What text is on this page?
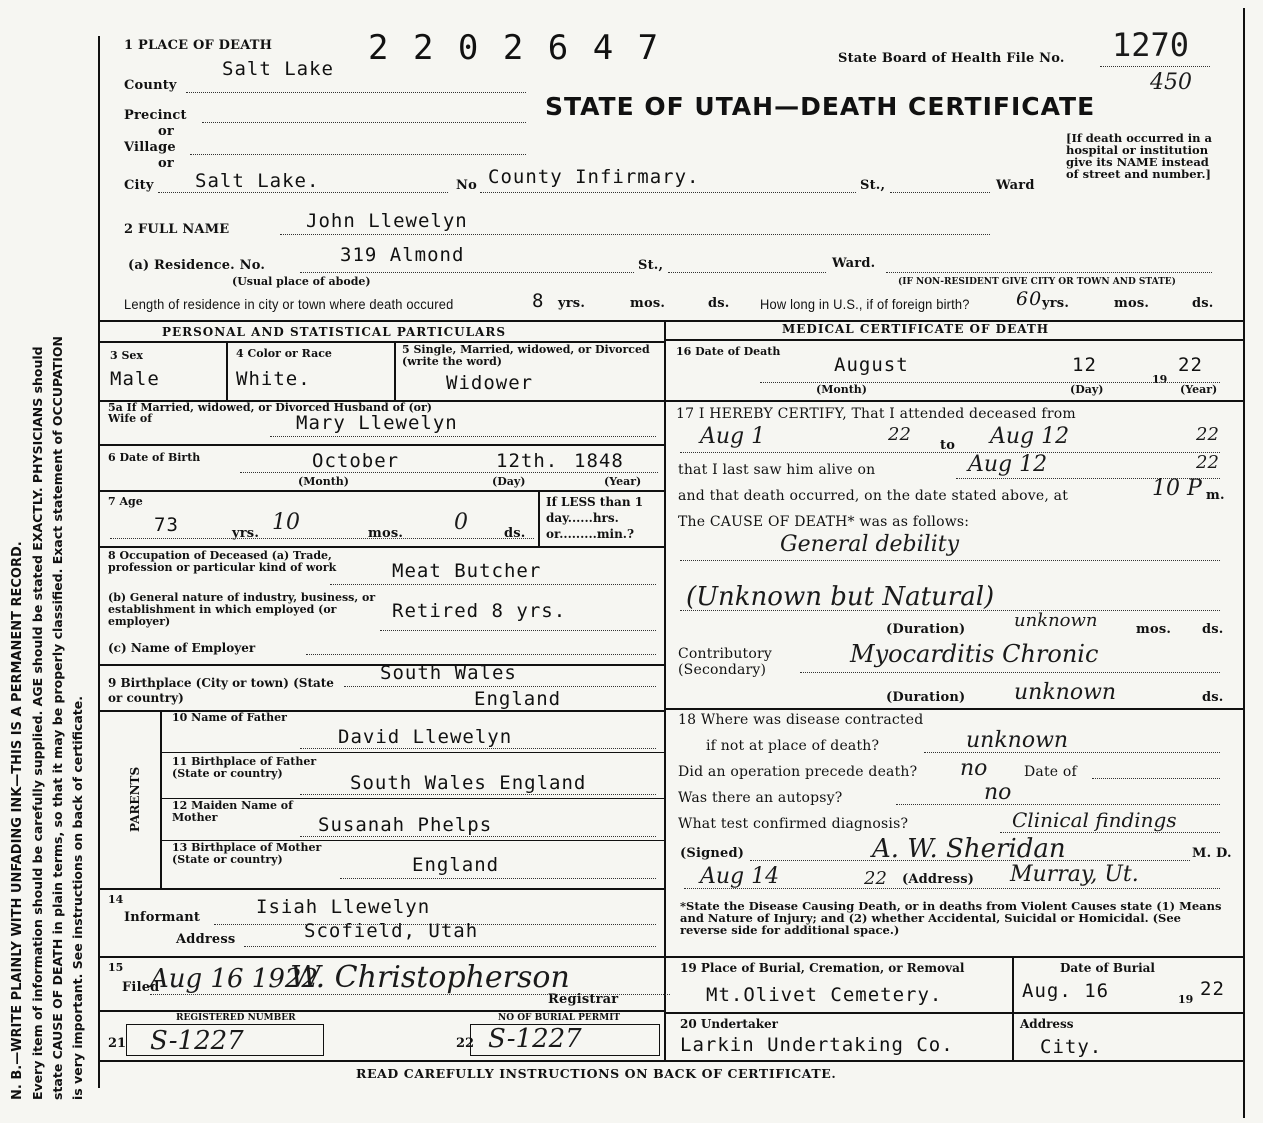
N. B.—WRITE PLAINLY WITH UNFADING INK—THIS IS A PERMANENT RECORD. Every item of information should be carefully supplied. AGE should be stated EXACTLY. PHYSICIANS should state CAUSE OF DEATH in plain terms, so that it may be properly classified. Exact statement of OCCUPATION is very important. See instructions on back of certificate.
1 PLACE OF DEATH	2 2 0 2 6 4 7	State Board of Health File No. 1270
450
STATE OF UTAH—DEATH CERTIFICATE
Salt Lake
County
Precinct
or
Village
or
City Salt Lake.	No County Infirmary.	St.,	Ward
[If death occurred in a hospital or institution give its NAME instead of street and number.]
2 FULL NAME	John Llewelyn
(a) Residence. No.	319 Almond	St.,	Ward.
(Usual place of abode)	(IF NON-RESIDENT GIVE CITY OR TOWN AND STATE)
Length of residence in city or town where death occured	8 yrs.	mos.	ds. How long in U.S., if of foreign birth? 60 yrs.	mos.	ds.
PERSONAL AND STATISTICAL PARTICULARS
3 Sex
Male
4 Color or Race
White.
5 Single, Married, widowed, or Divorced (write the word)
Widower
5a If Married, widowed, or Divorced Husband of (or) Wife of	Mary Llewelyn
6 Date of Birth	October	12th. 1848
(Month)	(Day)	(Year)
7 Age
73	yrs. 10	mos. 0	ds.
If LESS than 1 day......hrs. or.........min.?
8 Occupation of Deceased (a) Trade, profession or particular kind of work	Meat Butcher
(b) General nature of industry, business, or establishment in which employed (or employer)	Retired 8 yrs.
(c) Name of Employer
9 Birthplace (City or town) (State or country)
South Wales
England
PARENTS
10 Name of Father
David Llewelyn
11 Birthplace of Father (State or country)	South Wales England
12 Maiden Name of Mother	Susanah Phelps
13 Birthplace of Mother (State or country)	England
14
Informant	Isiah Llewelyn
Address	Scofield, Utah
15
Filed
Aug 16 1922
W. Christopherson
Registrar
REGISTERED NUMBER	NO OF BURIAL PERMIT
21 S-1227	22 S-1227
MEDICAL CERTIFICATE OF DEATH
16 Date of Death
August	12
19
22
(Month)	(Day)	(Year)
17 I HEREBY CERTIFY, That I attended deceased from
Aug 1	22
to Aug 12	22
that I last saw him alive on	Aug 12	22
and that death occurred, on the date stated above, at	10 P m.
The CAUSE OF DEATH* was as follows:
General debility
(Unknown but Natural)
(Duration)	unknown	mos. ds.
Contributory (Secondary)
Myocarditis Chronic
(Duration) unknown	ds.
18 Where was disease contracted
if not at place of death?	unknown
Did an operation precede death? no	Date of
Was there an autopsy?	no
What test confirmed diagnosis?	Clinical findings
(Signed)	A. W. Sheridan	M. D.
Aug 14	22 (Address) Murray, Ut.
*State the Disease Causing Death, or in deaths from Violent Causes state (1) Means and Nature of Injury; and (2) whether Accidental, Suicidal or Homicidal. (See reverse side for additional space.)
19 Place of Burial, Cremation, or Removal
Mt.Olivet Cemetery.
Date of Burial
Aug. 16	19 22
20 Undertaker
Larkin Undertaking Co.
Address
City.
READ CAREFULLY INSTRUCTIONS ON BACK OF CERTIFICATE.
